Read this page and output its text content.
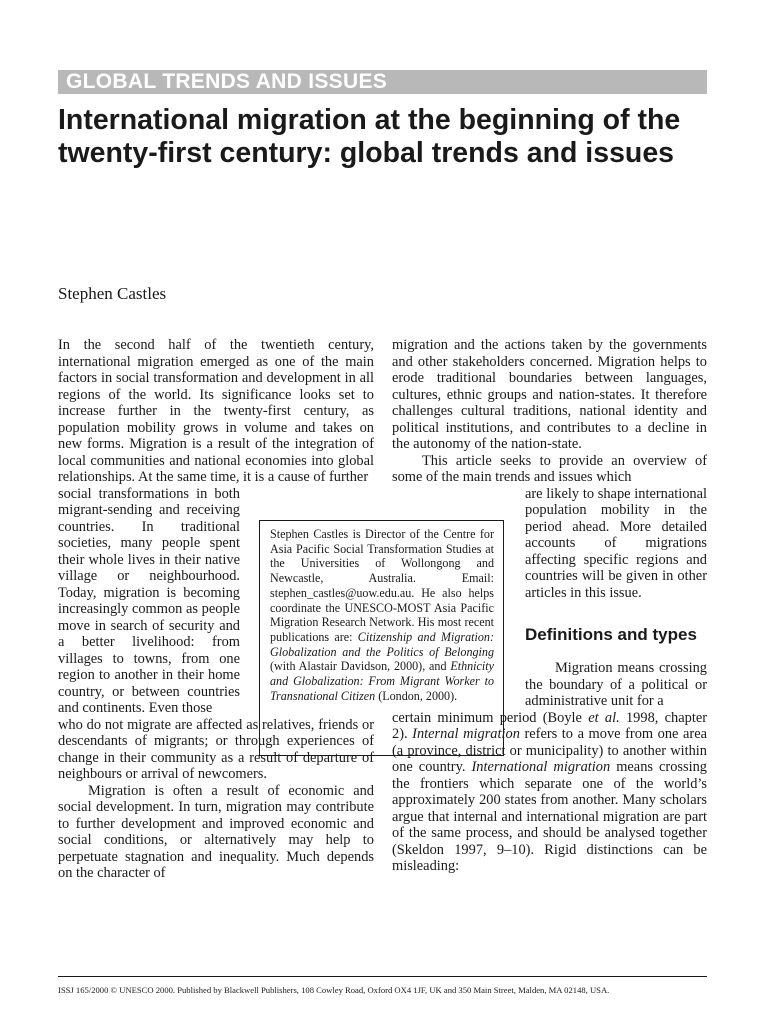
GLOBAL TRENDS AND ISSUES
International migration at the beginning of the twenty-first century: global trends and issues
Stephen Castles

In the second half of the twentieth century, international migration emerged as one of the main factors in social transformation and development in all regions of the world. Its significance looks set to increase further in the twenty-first century, as population mobility grows in volume and takes on new forms. Migration is a result of the integration of local communities and national economies into global relationships. At the same time, it is a cause of further

social transformations in both migrant-sending and receiving countries. In traditional societies, many people spent their whole lives in their native village or neighbourhood. Today, migration is becoming increasingly common as people move in search of security and a better livelihood: from villages to towns, from one region to another in their home country, or between countries and continents. Even those

who do not migrate are affected as relatives, friends or descendants of migrants; or through experiences of change in their community as a result of departure of neighbours or arrival of newcomers.

Migration is often a result of economic and social development. In turn, migration may contribute to further development and improved economic and social conditions, or alternatively may help to perpetuate stagnation and inequality. Much depends on the character of

Stephen Castles is Director of the Centre for Asia Pacific Social Transformation Studies at the Universities of Wollongong and Newcastle, Australia. Email: stephen_castles@uow.edu.au. He also helps coordinate the UNESCO-MOST Asia Pacific Migration Research Network. His most recent publications are: Citizenship and Migration: Globalization and the Politics of Belonging (with Alastair Davidson, 2000), and Ethnicity and Globalization: From Migrant Worker to Transnational Citizen (London, 2000).

migration and the actions taken by the governments and other stakeholders concerned. Migration helps to erode traditional boundaries between languages, cultures, ethnic groups and nation-states. It therefore challenges cultural traditions, national identity and political institutions, and contributes to a decline in the autonomy of the nation-state.

This article seeks to provide an overview of some of the main trends and issues which

are likely to shape international population mobility in the period ahead. More detailed accounts of migrations affecting specific regions and countries will be given in other articles in this issue.

Definitions and types

Migration means crossing the boundary of a political or administrative unit for a

certain minimum period (Boyle et al. 1998, chapter 2). Internal migration refers to a move from one area (a province, district or municipality) to another within one country. International migration means crossing the frontiers which separate one of the world’s approximately 200 states from another. Many scholars argue that internal and international migration are part of the same process, and should be analysed together (Skeldon 1997, 9–10). Rigid distinctions can be misleading:

ISSJ 165/2000 © UNESCO 2000. Published by Blackwell Publishers, 108 Cowley Road, Oxford OX4 1JF, UK and 350 Main Street, Malden, MA 02148, USA.
